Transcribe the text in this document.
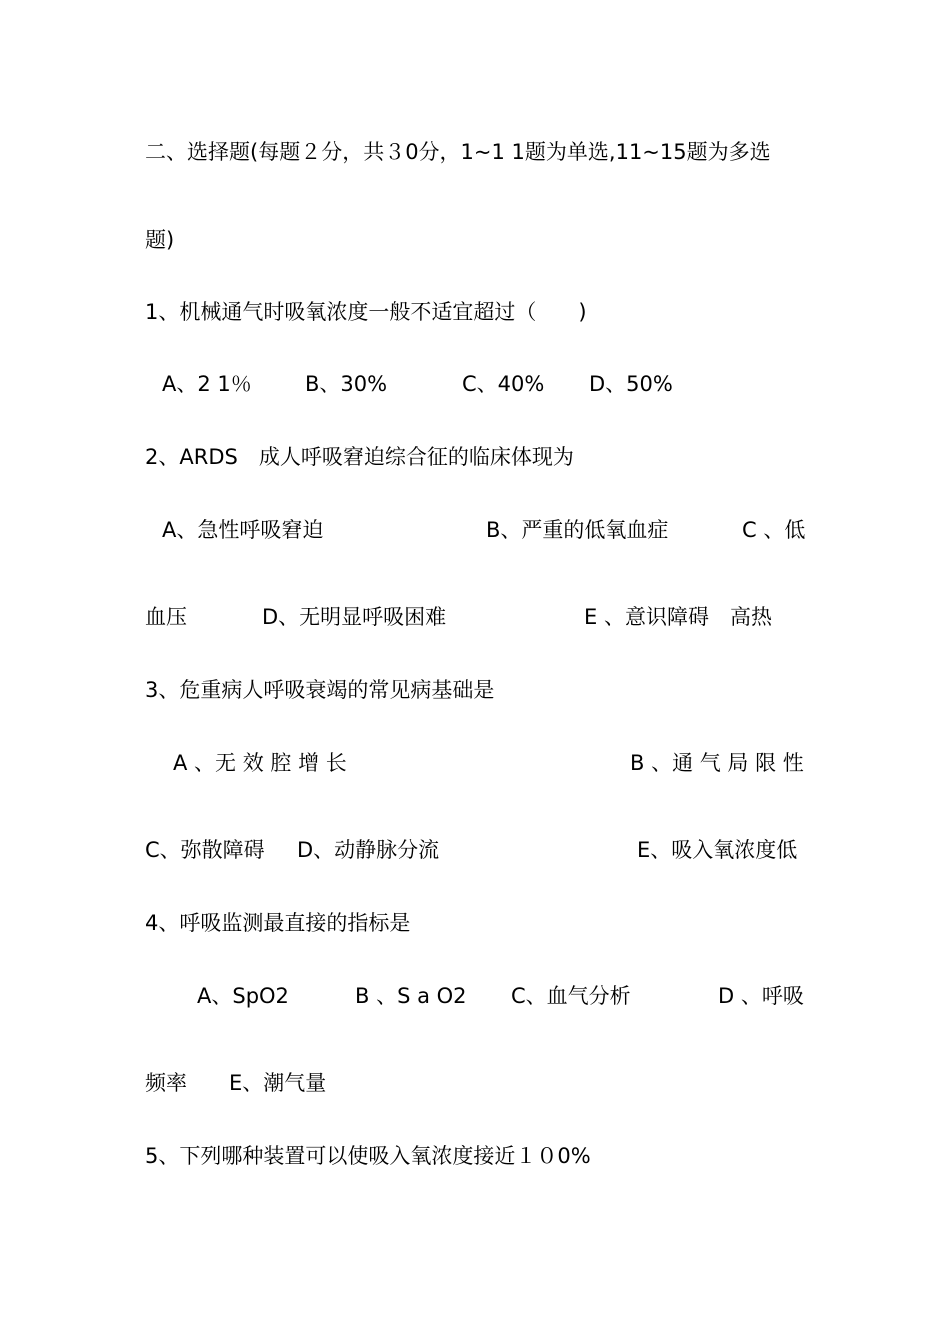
二、选择题(每题２分，共３0分，1~1 1题为单选,11~15题为多选
题)
1、机械通气时吸氧浓度一般不适宜超过（　　)
A、2 1％	B、30%	C、40% D、50%
2、ARDS　成人呼吸窘迫综合征的临床体现为
A、急性呼吸窘迫	B、严重的低氧血症	C 、低
血压	D、无明显呼吸困难	E 、意识障碍　高热
3、危重病人呼吸衰竭的常见病基础是
A 、无 效 腔 增 长	B 、通 气 局 限 性
C、弥散障碍 D、动静脉分流	E、吸入氧浓度低
4、呼吸监测最直接的指标是
A、SpO2	B 、S a O2 C、血气分析	D 、呼吸
频率 E、潮气量
5、下列哪种装置可以使吸入氧浓度接近１０0%
